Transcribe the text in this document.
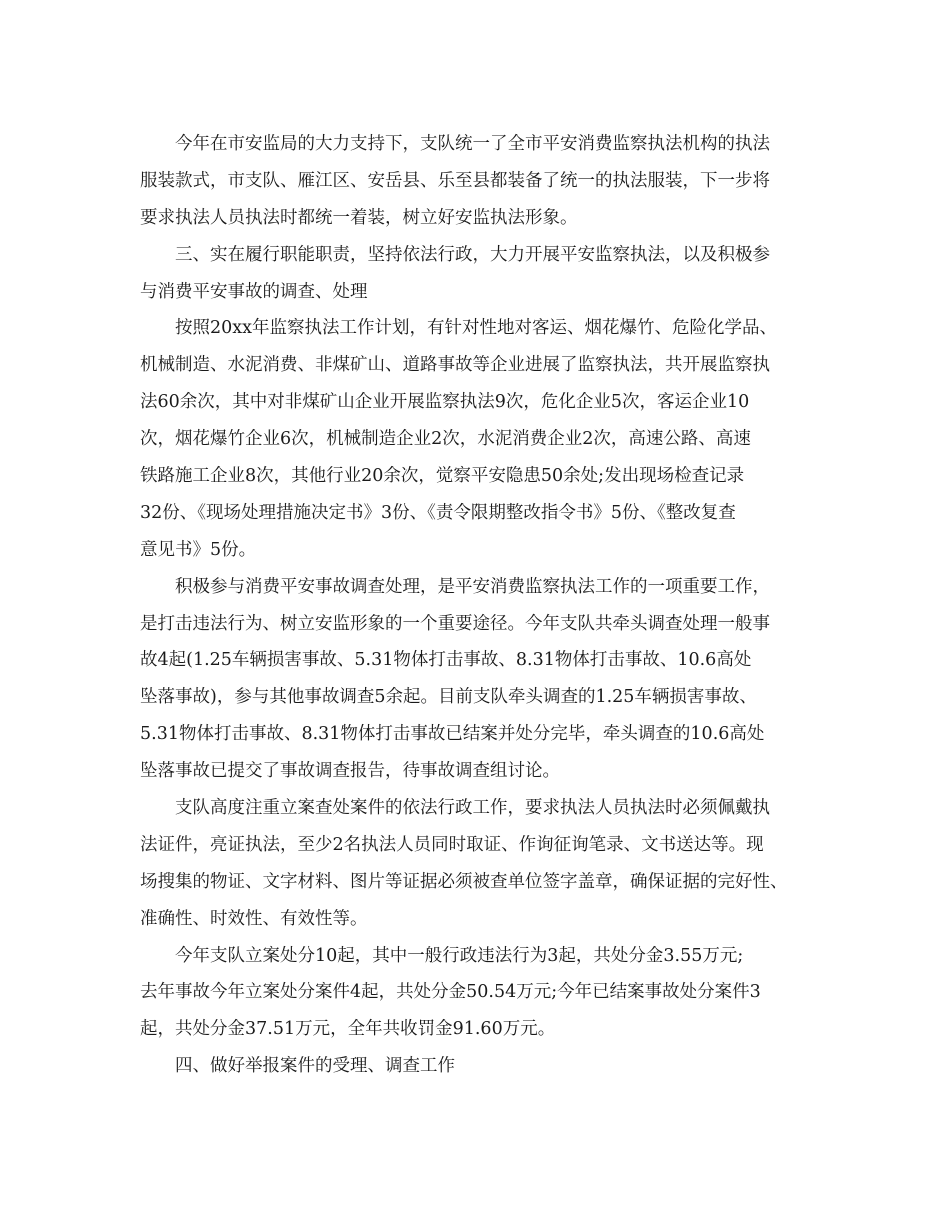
今年在市安监局的大力支持下，支队统一了全市平安消费监察执法机构的执法
服装款式，市支队、雁江区、安岳县、乐至县都装备了统一的执法服装，下一步将
要求执法人员执法时都统一着装，树立好安监执法形象。
三、实在履行职能职责，坚持依法行政，大力开展平安监察执法，以及积极参
与消费平安事故的调查、处理
按照20xx年监察执法工作计划，有针对性地对客运、烟花爆竹、危险化学品、
机械制造、水泥消费、非煤矿山、道路事故等企业进展了监察执法，共开展监察执
法60余次，其中对非煤矿山企业开展监察执法9次，危化企业5次，客运企业10
次，烟花爆竹企业6次，机械制造企业2次，水泥消费企业2次，高速公路、高速
铁路施工企业8次，其他行业20余次，觉察平安隐患50余处;发出现场检查记录
32份、《现场处理措施决定书》3份、《责令限期整改指令书》5份、《整改复查
意见书》5份。
积极参与消费平安事故调查处理，是平安消费监察执法工作的一项重要工作，
是打击违法行为、树立安监形象的一个重要途径。今年支队共牵头调查处理一般事
故4起(1.25车辆损害事故、5.31物体打击事故、8.31物体打击事故、10.6高处
坠落事故)，参与其他事故调查5余起。目前支队牵头调查的1.25车辆损害事故、
5.31物体打击事故、8.31物体打击事故已结案并处分完毕，牵头调查的10.6高处
坠落事故已提交了事故调查报告，待事故调查组讨论。
支队高度注重立案查处案件的依法行政工作，要求执法人员执法时必须佩戴执
法证件，亮证执法，至少2名执法人员同时取证、作询征询笔录、文书送达等。现
场搜集的物证、文字材料、图片等证据必须被查单位签字盖章，确保证据的完好性、
准确性、时效性、有效性等。
今年支队立案处分10起，其中一般行政违法行为3起，共处分金3.55万元;
去年事故今年立案处分案件4起，共处分金50.54万元;今年已结案事故处分案件3
起，共处分金37.51万元，全年共收罚金91.60万元。
四、做好举报案件的受理、调查工作
